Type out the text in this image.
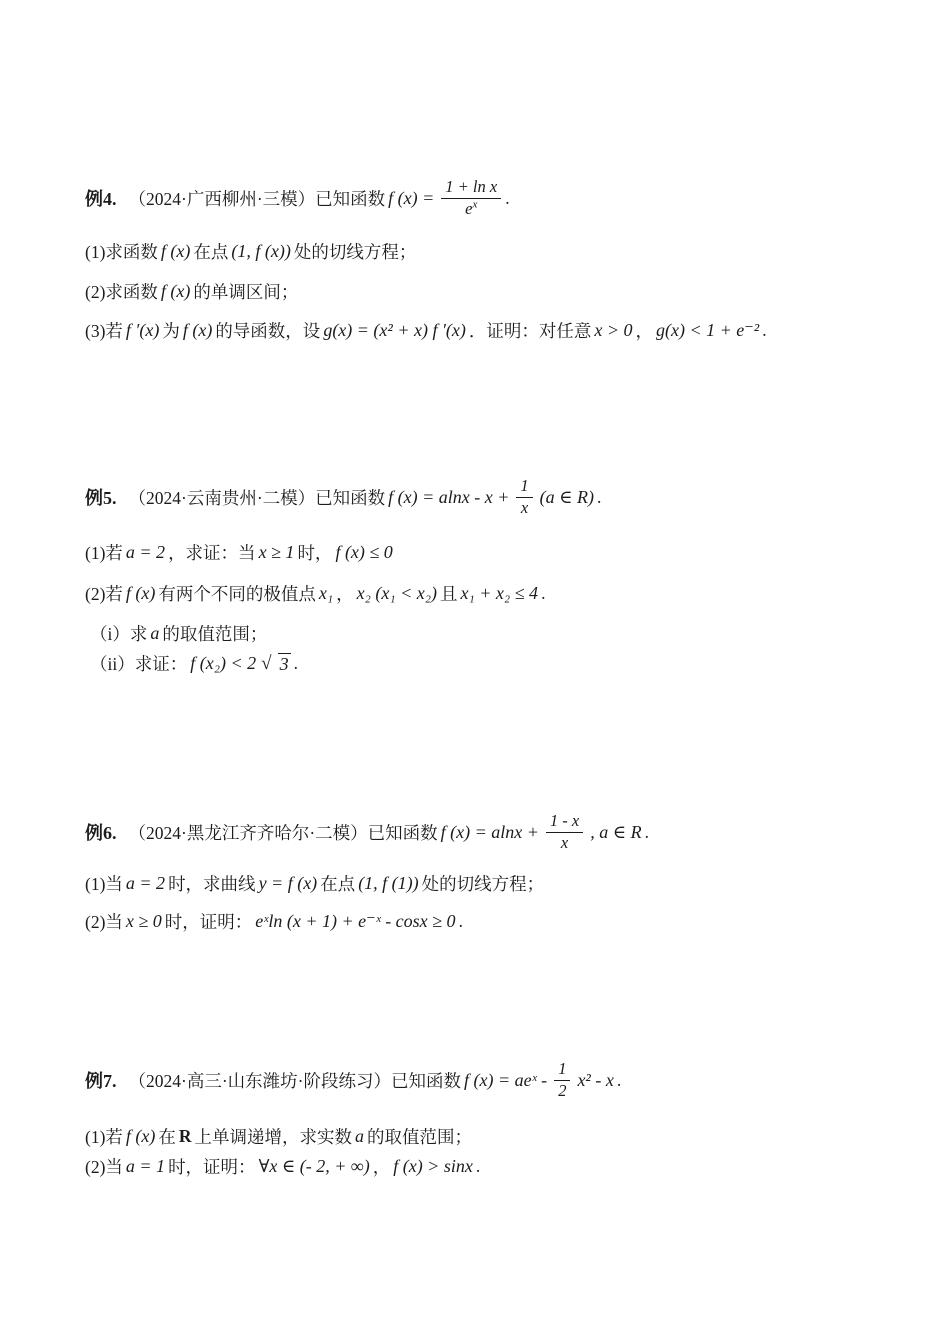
例4. （2024·广西柳州·三模）已知函数 f $(x) = \frac{\text{1 + ln x}}{e^x}$ .
(1)求函数 f (x) 在点 (1, f (x)) 处的切线方程；
(2)求函数 f (x) 的单调区间；
(3)若 f ′(x) 为 f (x) 的导函数，设 g(x) = (x² + x) f ′(x) ．证明：对任意 x > 0 ， g(x) < 1 + e⁻² .
例5. （2024·云南贵州·二模）已知函数 f $(x) = alnx - x + \frac{1}{x} (a$ ∈ R) .
(1)若 a = 2 ，求证：当 x ≥ 1 时， f (x) ≤ 0
(2)若 f (x) 有两个不同的极值点 x₁ ， x₂ (x₁ < x₂) 且 x₁ + x₂ ≤ 4 .
（i）求 a 的取值范围；
（ii）求证： f (x₂) < 2 √ 3 .
例6. （2024·黑龙江齐齐哈尔·二模）已知函数 f $(x) = alnx + \frac{1 - x}{x}$ , a ∈ R .
(1)当 a = 2 时，求曲线 y = f (x) 在点 (1, f (1)) 处的切线方程；
(2)当 x ≥ 0 时，证明： eˣln (x + 1) + e⁻ˣ - cosx ≥ 0 .
例7. （2024·高三·山东潍坊·阶段练习）已知函数 f (x) = aeˣ - $\frac{1}{2} x^2$ - x .
(1)若 f (x) 在 R 上单调递增，求实数 a 的取值范围；
(2)当 a = 1 时，证明： ∀x ∈ (- 2, + ∞) ， f (x) > sinx .
